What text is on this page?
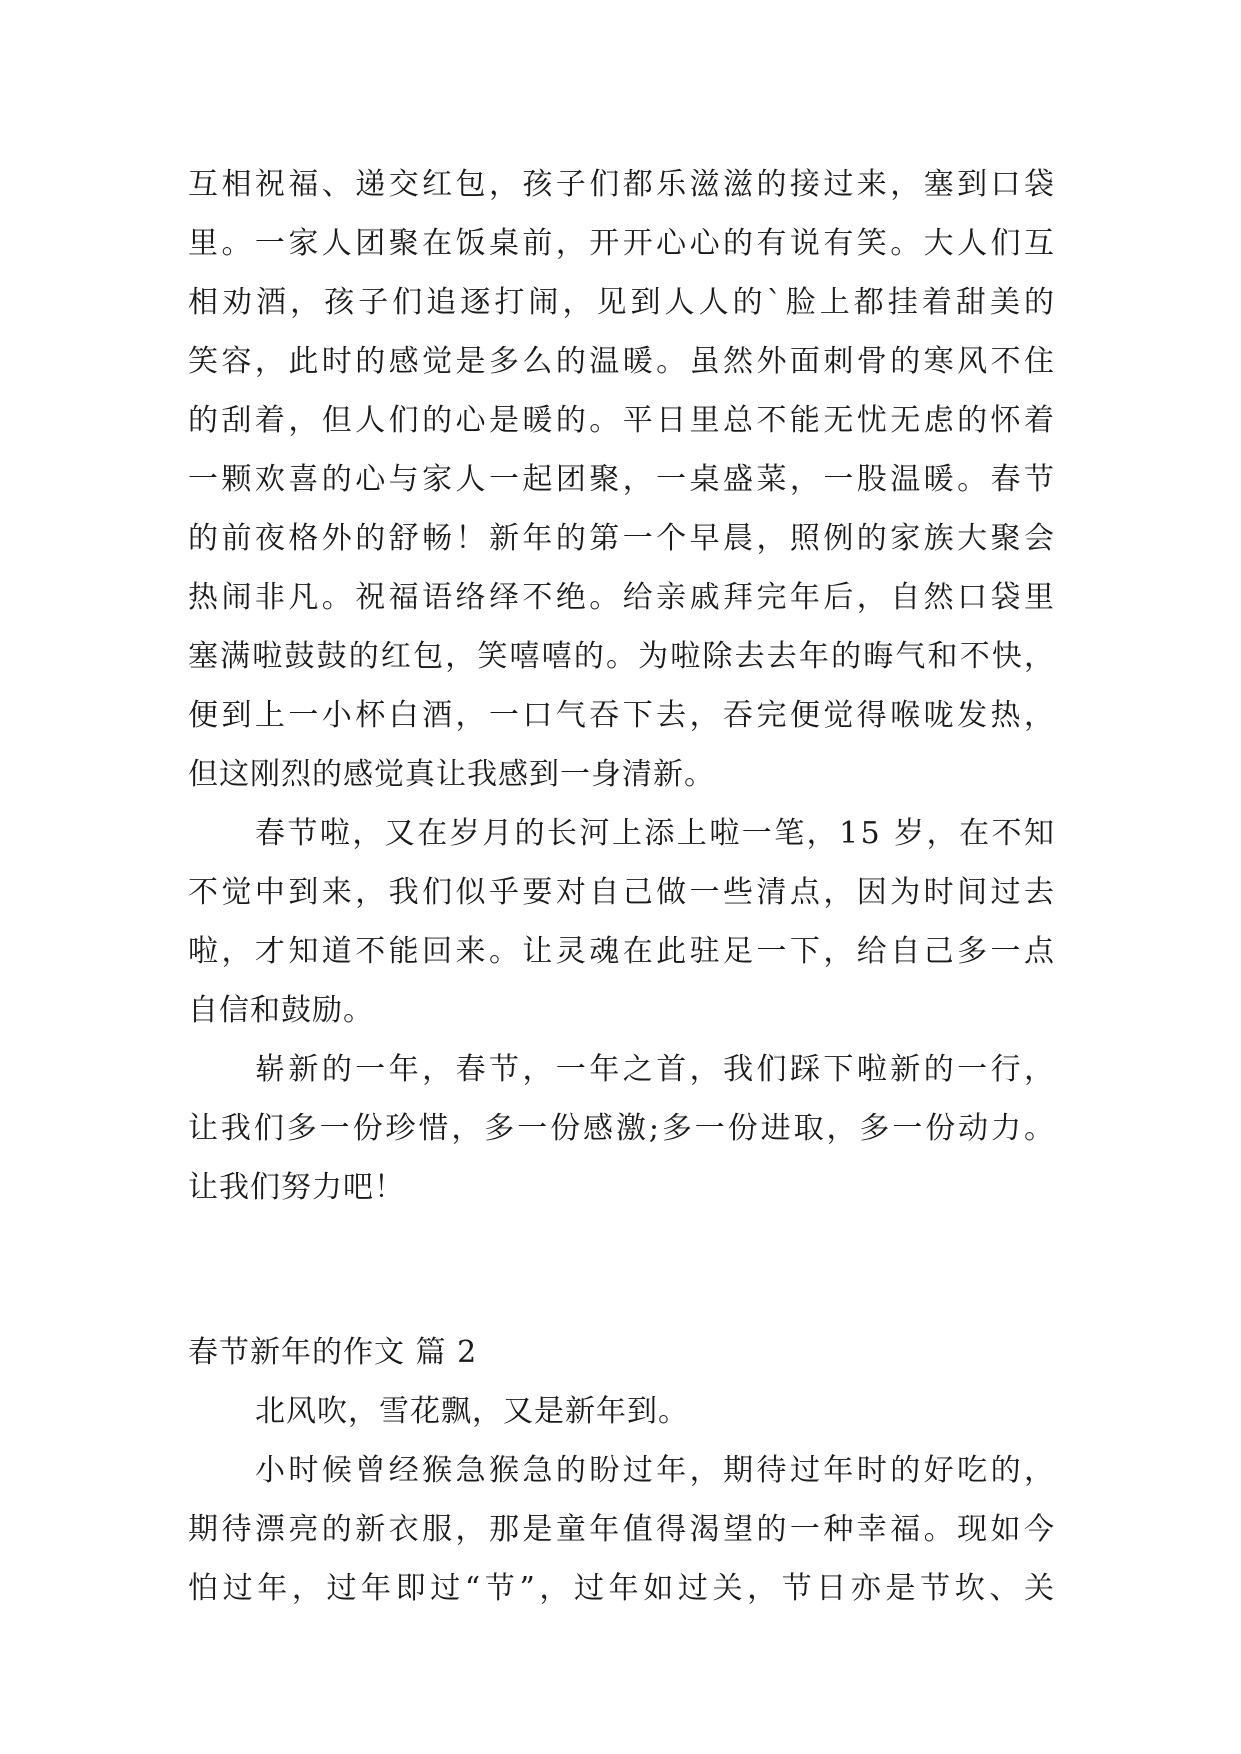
互相祝福、递交红包，孩子们都乐滋滋的接过来，塞到口袋
里。一家人团聚在饭桌前，开开心心的有说有笑。大人们互
相劝酒，孩子们追逐打闹，见到人人的`脸上都挂着甜美的
笑容，此时的感觉是多么的温暖。虽然外面刺骨的寒风不住
的刮着，但人们的心是暖的。平日里总不能无忧无虑的怀着
一颗欢喜的心与家人一起团聚，一桌盛菜，一股温暖。春节
的前夜格外的舒畅！新年的第一个早晨，照例的家族大聚会
热闹非凡。祝福语络绎不绝。给亲戚拜完年后，自然口袋里
塞满啦鼓鼓的红包，笑嘻嘻的。为啦除去去年的晦气和不快，
便到上一小杯白酒，一口气吞下去，吞完便觉得喉咙发热，
但这刚烈的感觉真让我感到一身清新。
春节啦，又在岁月的长河上添上啦一笔，15 岁，在不知
不觉中到来，我们似乎要对自己做一些清点，因为时间过去
啦，才知道不能回来。让灵魂在此驻足一下，给自己多一点
自信和鼓励。
崭新的一年，春节，一年之首，我们踩下啦新的一行，
让我们多一份珍惜，多一份感激;多一份进取，多一份动力。
让我们努力吧！
春节新年的作文 篇 2
北风吹，雪花飘，又是新年到。
小时候曾经猴急猴急的盼过年，期待过年时的好吃的，
期待漂亮的新衣服，那是童年值得渴望的一种幸福。现如今
怕过年，过年即过“节”，过年如过关，节日亦是节坎、关
